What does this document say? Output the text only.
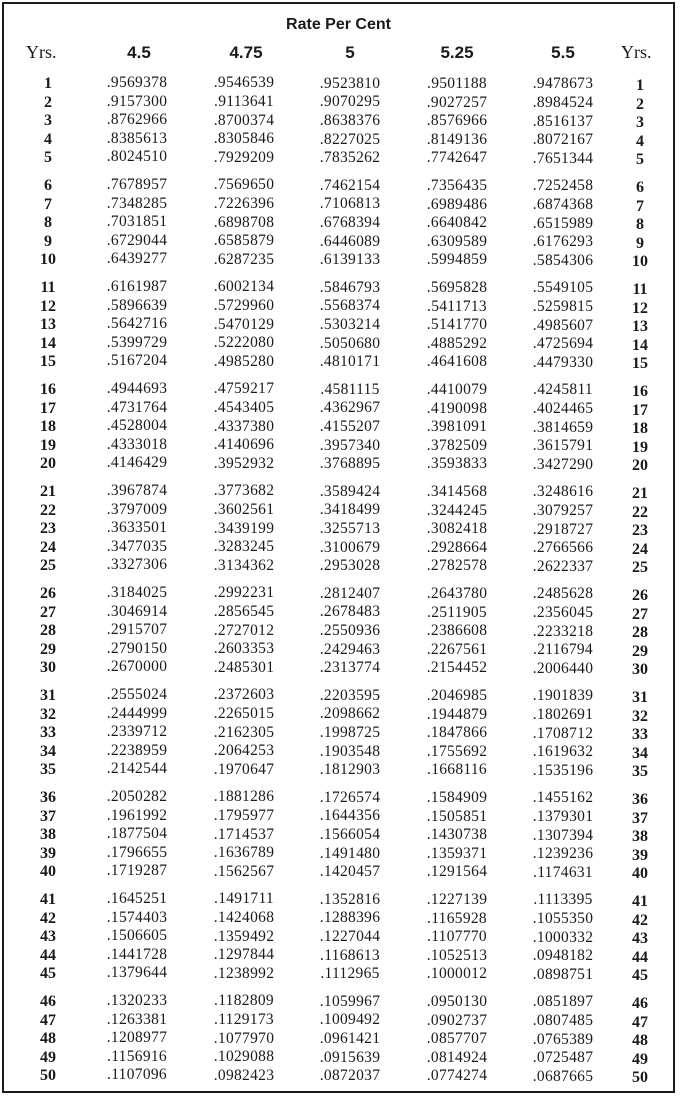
Rate Per Cent
Yrs.	Yrs.
4.5	4.75	5	5.25	5.5
1	.9569378	.9546539	.9523810	.9501188	.9478673	1
2	.9157300	.9113641	.9070295	.9027257	.8984524	2
3	.8762966	.8700374	.8638376	.8576966	.8516137	3
4	.8385613	.8305846	.8227025	.8149136	.8072167	4
5	.8024510	.7929209	.7835262	.7742647	.7651344	5
6	.7678957	.7569650	.7462154	.7356435	.7252458	6
7	.7348285	.7226396	.7106813	.6989486	.6874368	7
8	.7031851	.6898708	.6768394	.6640842	.6515989	8
9	.6729044	.6585879	.6446089	.6309589	.6176293	9
10	.6439277	.6287235	.6139133	.5994859	.5854306 10
11	.6161987	.6002134	.5846793	.5695828	.5549105 11
12	.5896639	.5729960	.5568374	.5411713	.5259815 12
13	.5642716	.5470129	.5303214	.5141770	.4985607 13
14	.5399729	.5222080	.5050680	.4885292	.4725694 14
15	.5167204	.4985280	.4810171	.4641608	.4479330 15
16	.4944693	.4759217	.4581115	.4410079	.4245811 16
17	.4731764	.4543405	.4362967	.4190098	.4024465 17
18	.4528004	.4337380	.4155207	.3981091	.3814659 18
19	.4333018	.4140696	.3957340	.3782509	.3615791 19
20	.4146429	.3952932	.3768895	.3593833	.3427290 20
21	.3967874	.3773682	.3589424	.3414568	.3248616 21
22	.3797009	.3602561	.3418499	.3244245	.3079257 22
23	.3633501	.3439199	.3255713	.3082418	.2918727 23
24	.3477035	.3283245	.3100679	.2928664	.2766566 24
25	.3327306	.3134362	.2953028	.2782578	.2622337 25
26	.3184025	.2992231	.2812407	.2643780	.2485628 26
27	.3046914	.2856545	.2678483	.2511905	.2356045 27
28	.2915707	.2727012	.2550936	.2386608	.2233218 28
29	.2790150	.2603353	.2429463	.2267561	.2116794 29
30	.2670000	.2485301	.2313774	.2154452	.2006440 30
31	.2555024	.2372603	.2203595	.2046985	.1901839 31
32	.2444999	.2265015	.2098662	.1944879	.1802691 32
33	.2339712	.2162305	.1998725	.1847866	.1708712 33
34	.2238959	.2064253	.1903548	.1755692	.1619632 34
35	.2142544	.1970647	.1812903	.1668116	.1535196 35
36	.2050282	.1881286	.1726574	.1584909	.1455162 36
37	.1961992	.1795977	.1644356	.1505851	.1379301 37
38	.1877504	.1714537	.1566054	.1430738	.1307394 38
39	.1796655	.1636789	.1491480	.1359371	.1239236 39
40	.1719287	.1562567	.1420457	.1291564	.1174631 40
41	.1645251	.1491711	.1352816	.1227139	.1113395 41
42	.1574403	.1424068	.1288396	.1165928	.1055350 42
43	.1506605	.1359492	.1227044	.1107770	.1000332 43
44	.1441728	.1297844	.1168613	.1052513	.0948182 44
45	.1379644	.1238992	.1112965	.1000012	.0898751 45
46	.1320233	.1182809	.1059967	.0950130	.0851897 46
47	.1263381	.1129173	.1009492	.0902737	.0807485 47
48	.1208977	.1077970	.0961421	.0857707	.0765389 48
49	.1156916	.1029088	.0915639	.0814924	.0725487 49
50	.1107096	.0982423	.0872037	.0774274	.0687665 50
